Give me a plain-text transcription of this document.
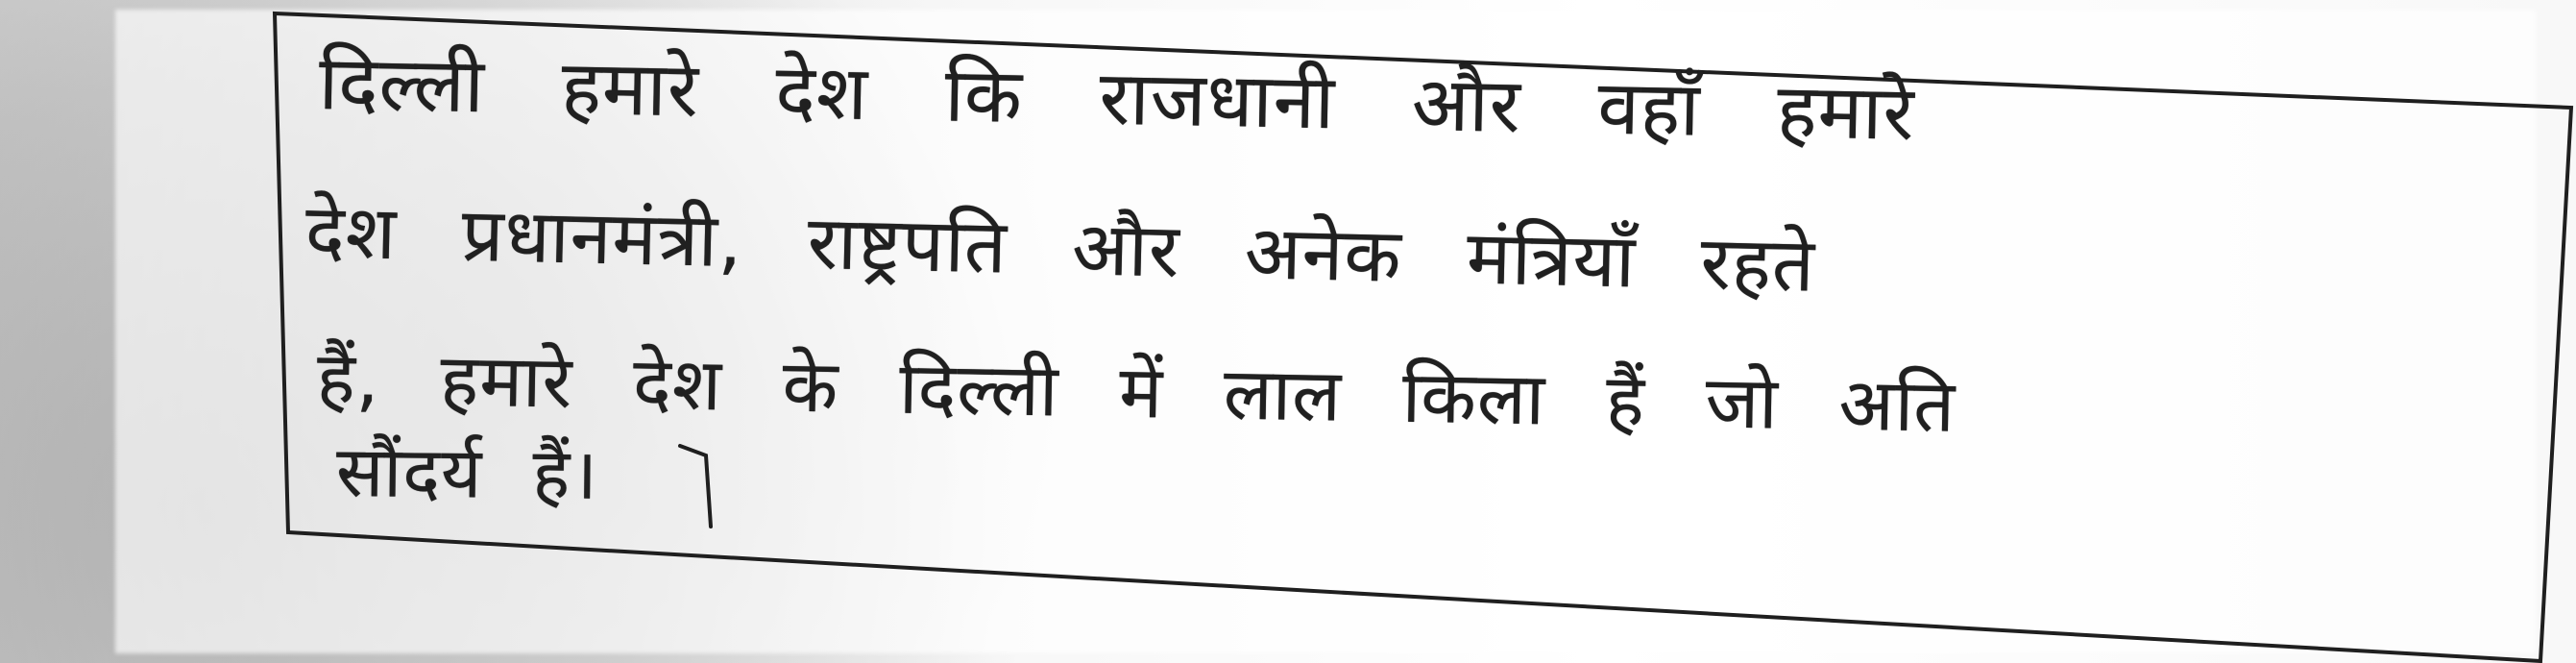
दिल्ली हमारे देश कि राजधानी और वहाँ हमारे
देश प्रधानमंत्री, राष्ट्रपति और अनेक मंत्रियाँ रहते
हैं, हमारे देश के दिल्ली में लाल किला हैं जो अति
सौंदर्य हैं।
